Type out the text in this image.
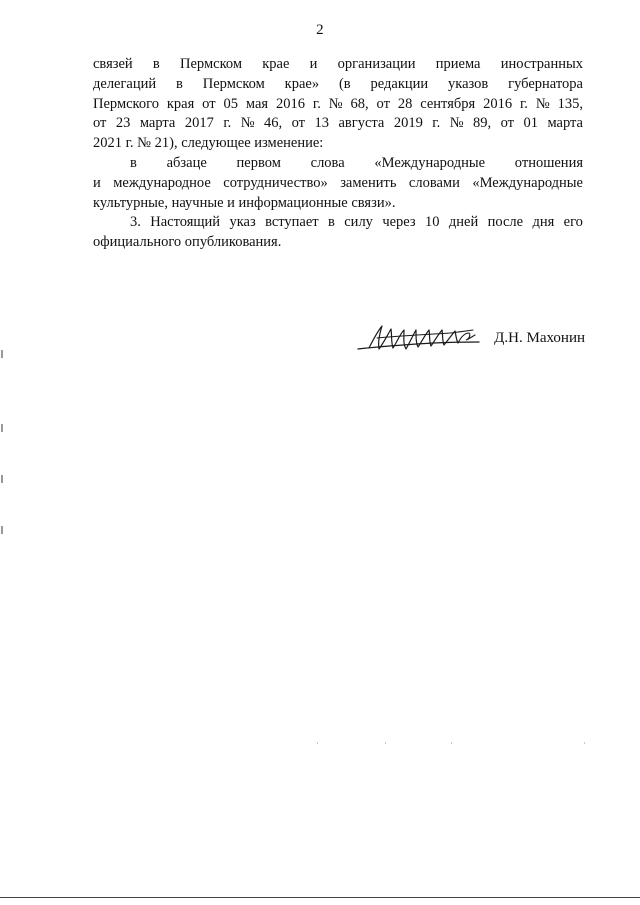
2
связей в Пермском крае и организации приема иностранных
делегаций в Пермском крае» (в редакции указов губернатора
Пермского края от 05 мая 2016 г. № 68, от 28 сентября 2016 г. № 135,
от 23 марта 2017 г. № 46, от 13 августа 2019 г. № 89, от 01 марта
2021 г. № 21), следующее изменение:
в абзаце первом слова «Международные отношения
и международное сотрудничество» заменить словами «Международные
культурные, научные и информационные связи».
3. Настоящий указ вступает в силу через 10 дней после дня его
официального опубликования.
Д.Н. Махонин
